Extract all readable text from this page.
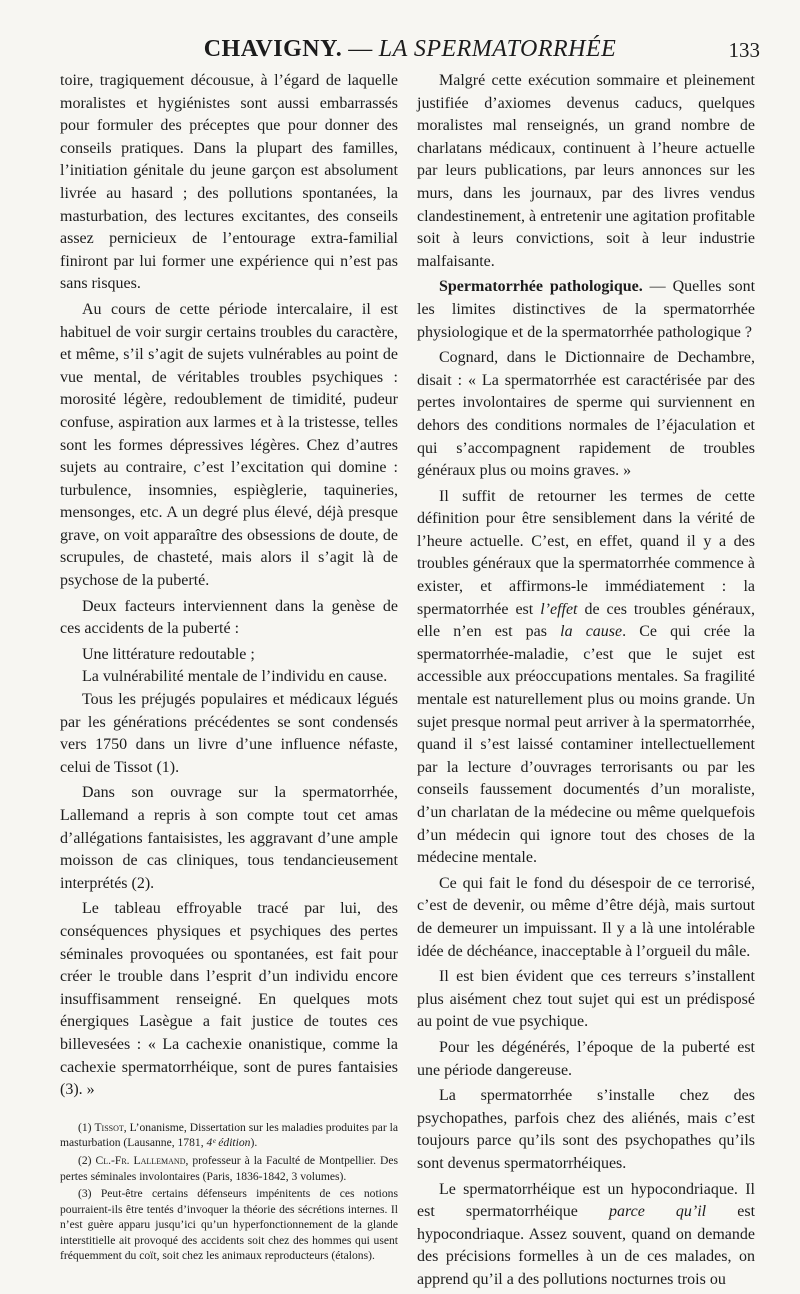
CHAVIGNY. — LA SPERMATORRHÉE	133

toire, tragiquement décousue, à l’égard de laquelle moralistes et hygiénistes sont aussi embarrassés pour formuler des préceptes que pour donner des conseils pratiques. Dans la plupart des familles, l’initiation génitale du jeune garçon est absolument livrée au hasard ; des pollutions spontanées, la masturbation, des lectures excitantes, des conseils assez pernicieux de l’entourage extra-familial finiront par lui former une expérience qui n’est pas sans risques.

Au cours de cette période intercalaire, il est habituel de voir surgir certains troubles du caractère, et même, s’il s’agit de sujets vulnérables au point de vue mental, de véritables troubles psychiques : morosité légère, redoublement de timidité, pudeur confuse, aspiration aux larmes et à la tristesse, telles sont les formes dépressives légères. Chez d’autres sujets au contraire, c’est l’excitation qui domine : turbulence, insomnies, espièglerie, taquineries, mensonges, etc. A un degré plus élevé, déjà presque grave, on voit apparaître des obsessions de doute, de scrupules, de chasteté, mais alors il s’agit là de psychose de la puberté.

Deux facteurs interviennent dans la genèse de ces accidents de la puberté :

Une littérature redoutable ;

La vulnérabilité mentale de l’individu en cause.

Tous les préjugés populaires et médicaux légués par les générations précédentes se sont condensés vers 1750 dans un livre d’une influence néfaste, celui de Tissot (1).

Dans son ouvrage sur la spermatorrhée, Lallemand a repris à son compte tout cet amas d’allégations fantaisistes, les aggravant d’une ample moisson de cas cliniques, tous tendancieusement interprétés (2).

Le tableau effroyable tracé par lui, des conséquences physiques et psychiques des pertes séminales provoquées ou spontanées, est fait pour créer le trouble dans l’esprit d’un individu encore insuffisamment renseigné. En quelques mots énergiques Lasègue a fait justice de toutes ces billevesées : « La cachexie onanistique, comme la cachexie spermatorrhéique, sont de pures fantaisies (3). »

(1) Tissot, L’onanisme, Dissertation sur les maladies produites par la masturbation (Lausanne, 1781, 4ᵉ édition).

(2) Cl.-Fr. Lallemand, professeur à la Faculté de Montpellier. Des pertes séminales involontaires (Paris, 1836-1842, 3 volumes).

(3) Peut-être certains défenseurs impénitents de ces notions pourraient-ils être tentés d’invoquer la théorie des sécrétions internes. Il n’est guère apparu jusqu’ici qu’un hyperfonctionnement de la glande interstitielle ait provoqué des accidents soit chez des hommes qui usent fréquemment du coït, soit chez les animaux reproducteurs (étalons).

Malgré cette exécution sommaire et pleinement justifiée d’axiomes devenus caducs, quelques moralistes mal renseignés, un grand nombre de charlatans médicaux, continuent à l’heure actuelle par leurs publications, par leurs annonces sur les murs, dans les journaux, par des livres vendus clandestinement, à entretenir une agitation profitable soit à leurs convictions, soit à leur industrie malfaisante.

Spermatorrhée pathologique. — Quelles sont les limites distinctives de la spermatorrhée physiologique et de la spermatorrhée pathologique ?

Cognard, dans le Dictionnaire de Dechambre, disait : « La spermatorrhée est caractérisée par des pertes involontaires de sperme qui surviennent en dehors des conditions normales de l’éjaculation et qui s’accompagnent rapidement de troubles généraux plus ou moins graves. »

Il suffit de retourner les termes de cette définition pour être sensiblement dans la vérité de l’heure actuelle. C’est, en effet, quand il y a des troubles généraux que la spermatorrhée commence à exister, et affirmons-le immédiatement : la spermatorrhée est l’effet de ces troubles généraux, elle n’en est pas la cause. Ce qui crée la spermatorrhée-maladie, c’est que le sujet est accessible aux préoccupations mentales. Sa fragilité mentale est naturellement plus ou moins grande. Un sujet presque normal peut arriver à la spermatorrhée, quand il s’est laissé contaminer intellectuellement par la lecture d’ouvrages terrorisants ou par les conseils faussement documentés d’un moraliste, d’un charlatan de la médecine ou même quelquefois d’un médecin qui ignore tout des choses de la médecine mentale.

Ce qui fait le fond du désespoir de ce terrorisé, c’est de devenir, ou même d’être déjà, mais surtout de demeurer un impuissant. Il y a là une intolérable idée de déchéance, inacceptable à l’orgueil du mâle.

Il est bien évident que ces terreurs s’installent plus aisément chez tout sujet qui est un prédisposé au point de vue psychique.

Pour les dégénérés, l’époque de la puberté est une période dangereuse.

La spermatorrhée s’installe chez des psychopathes, parfois chez des aliénés, mais c’est toujours parce qu’ils sont des psychopathes qu’ils sont devenus spermatorrhéiques.

Le spermatorrhéique est un hypocondriaque. Il est spermatorrhéique parce qu’il est hypocondriaque. Assez souvent, quand on demande des précisions formelles à un de ces malades, on apprend qu’il a des pollutions nocturnes trois ou
